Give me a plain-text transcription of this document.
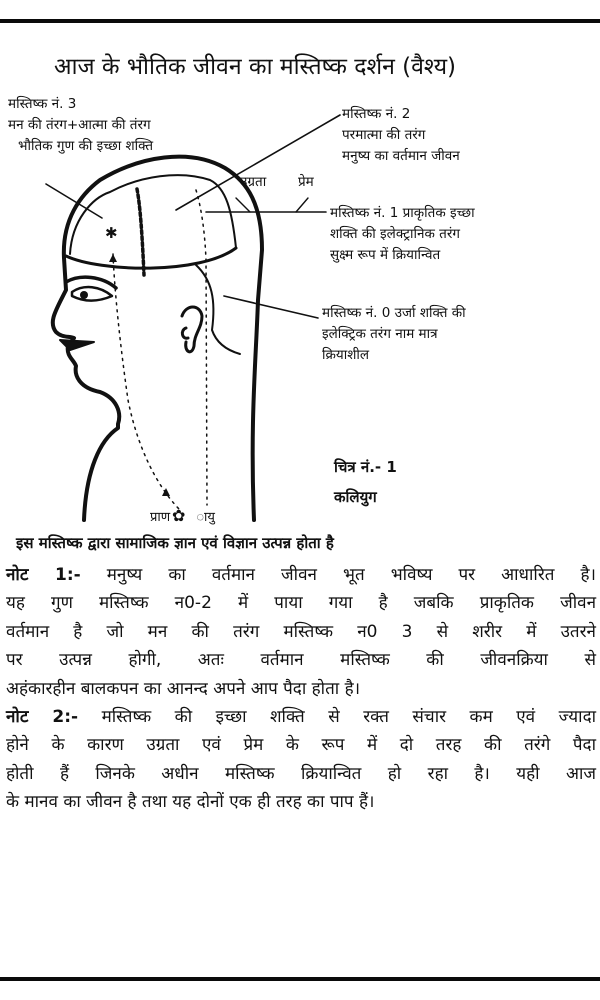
आज के भौतिक जीवन का मस्तिष्क दर्शन (वैश्य)
✱
✿
मस्तिष्क नं. 3
मन की तंरग+आत्मा की तंरग
भौतिक गुण की इच्छा शक्ति
मस्तिष्क नं. 2
परमात्मा की तरंग
मनुष्य का वर्तमान जीवन
उग्रता प्रेम
मस्तिष्क नं. 1 प्राकृतिक इच्छा
शक्ति की इलेक्ट्रानिक तरंग
सुक्ष्म रूप में क्रियान्वित
मस्तिष्क नं. 0 उर्जा शक्ति की
इलेक्ट्रिक तरंग नाम मात्र
क्रियाशील
प्राण ायु
चित्र नं.- 1
कलियुग
इस मस्तिष्क द्वारा सामाजिक ज्ञान एवं विज्ञान उत्पन्न होता है

नोट 1:- मनुष्य का वर्तमान जीवन भूत भविष्य पर आधारित है।

यह गुण मस्तिष्क न0-2 में पाया गया है जबकि प्राकृतिक जीवन

वर्तमान है जो मन की तरंग मस्तिष्क न0 3 से शरीर में उतरने

पर उत्पन्न होगी, अतः वर्तमान मस्तिष्क की जीवनक्रिया से

अहंकारहीन बालकपन का आनन्द अपने आप पैदा होता है।

नोट 2:- मस्तिष्क की इच्छा शक्ति से रक्त संचार कम एवं ज्यादा

होने के कारण उग्रता एवं प्रेम के रूप में दो तरह की तरंगे पैदा

होती हैं जिनके अधीन मस्तिष्क क्रियान्वित हो रहा है। यही आज

के मानव का जीवन है तथा यह दोनों एक ही तरह का पाप हैं।
